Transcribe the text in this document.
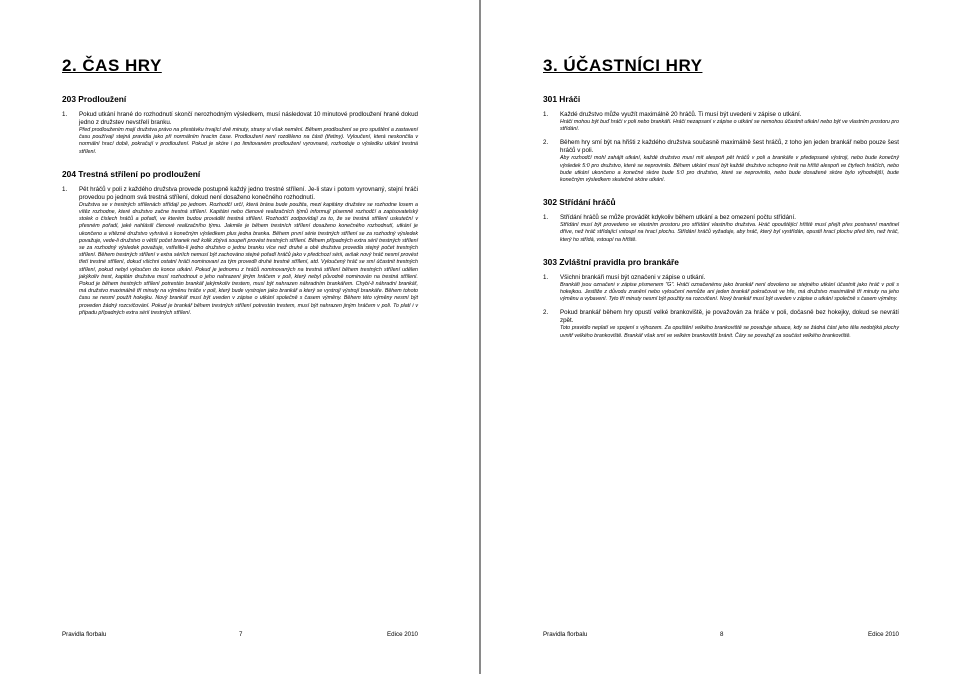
2. ČAS HRY
203 Prodloužení
1. Pokud utkání hrané do rozhodnutí skončí nerozhodným výsledkem, musí následovat 10 minutové prodloužení hrané dokud jedno z družstev nevstřelí branku.

Před prodloužením mají družstva právo na přestávku trvající dvě minuty, strany si však nemění. Během prodloužení se pro spuštění a zastavení času používají stejná pravidla jako při normálním hracím čase. Prodloužení není rozděleno na části (třetiny). Vyloučení, která neskončila v normální hrací době, pokračují v prodloužení. Pokud je skóre i po limitovaném prodloužení vyrovnané, rozhoduje o výsledku utkání trestná střílení.

204 Trestná střílení po prodloužení
1. Pět hráčů v poli z každého družstva provede postupně každý jedno trestné střílení. Je-li stav i potom vyrovnaný, stejní hráči provedou po jednom svá trestná střílení, dokud není dosaženo konečného rozhodnutí.

Družstva se v trestných střílenách střídají po jednom. Rozhodčí určí, která brána bude použita, mezi kapitány družstev se rozhodne losem a vítěz rozhodne, které družstvo začne trestná střílení. Kapitáni nebo členové realizačních týmů informují písemně rozhodčí a zapisovatelský stolek o číslech hráčů a pořadí, ve kterém budou provádět trestná střílení. Rozhodčí zodpovídají za to, že se trestná střílení uskuteční v přesném pořadí, jaké nahlásili členové realizačního týmu. Jakmile je během trestních střílení dosaženo konečného rozhodnutí, utkání je ukončeno a vítězné družstvo vyhrává s konečným výsledkem plus jedna branka. Během první série trestných střílení se za rozhodný výsledek považuje, vede-li družstvo o větší počet branek než kolik zbývá soupeři provést trestných střílení. Během případných extra sérií trestných střílení se za rozhodný výsledek považuje, vstřelilo-li jedno družstvo o jednu branku více než druhé a obě družstva provedla stejný počet trestných střílení. Během trestných střílení v extra sériích nemusí být zachováno stejné pořadí hráčů jako v předchozí sérii, avšak nový hráč nesmí provést třetí trestné střílení, dokud všichni ostatní hráči nominovaní za tým provedli druhé trestné střílení, atd. Vyloučený hráč se smí účastnit trestných střílení, pokud nebyl vyloučen do konce utkání. Pokud je jednomu z hráčů nominovaných na trestná střílení během trestných střílení udělen jakýkoliv trest, kapitán družstva musí rozhodnout o jeho nahrazení jiným hráčem v poli, který nebyl původně nominován na trestná střílení. Pokud je během trestných střílení potrestán brankář jakýmkoliv trestem, musí být nahrazen náhradním brankářem. Chybí-li náhradní brankář, má družstvo maximálně tři minuty na výměnu hráče v poli, který bude vystrojen jako brankář a který se vystrojí výstrojí brankáře. Během tohoto času se nesmí použít hokejku. Nový brankář musí být uveden v zápise o utkání společně s časem výměny. Během této výměny nesmí být proveden žádný rozcvičování. Pokud je brankář během trestných střílení potrestán trestem, musí být nahrazen jiným hráčem v poli. To platí i v případu případných extra sérií trestných střílení.

Pravidla florbalu	7	Edice 2010
3. ÚČASTNÍCI HRY
301 Hráči
1. Každé družstvo může využít maximálně 20 hráčů. Ti musí být uvedeni v zápise o utkání.

Hráči mohou být buď hráči v poli nebo brankáři. Hráči nezapsaní v zápise o utkání se nemohou účastnit utkání nebo být ve vlastním prostoru pro střídání.

2. Během hry smí být na hřišti z každého družstva současně maximálně šest hráčů, z toho jen jeden brankář nebo pouze šest hráčů v poli.

Aby rozhodčí mohl zahájit utkání, každé družstvo musí mít alespoň pět hráčů v poli a brankáře v předepsané výstroji, nebo bude konečný výsledek 5:0 pro družstvo, které se neprovinilo. Během utkání musí být každé družstvo schopno hrát na hřišti alespoň ve čtyřech hráčích, nebo bude utkání ukončeno a konečné skóre bude 5:0 pro družstvo, které se neprovinilo, nebo bude dosažené skóre bylo výhodnější, bude konečným výsledkem skutečné skóre utkání.

302 Střídání hráčů
1. Střídání hráčů se může provádět kdykoliv během utkání a bez omezení počtu střídání.

Střídání musí být provedeno ve vlastním prostoru pro střídání vlastního družstva. Hráč opouštějící hřiště musí přejít přes postranní mantinel dříve, než hráč střídající vstoupí na hrací plochu. Střídání hráčů vyžaduje, aby hráč, který byl vystřídán, opustil hrací plochu před tím, než hráč, který ho střídá, vstoupí na hřiště.

303 Zvláštní pravidla pro brankáře
1. Všichni brankáři musí být označeni v zápise o utkání.

Brankáři jsou označeni v zápise písmenem "G". Hráči označenému jako brankář není dovoleno se stejného utkání účastnit jako hráč v poli s hokejkou. Jestliže z důvodu zranění nebo vyloučení nemůže ani jeden brankář pokračovat ve hře, má družstvo maximálně tři minuty na jeho výměnu a vybavení. Tyto tři minuty nesmí být použity na rozcvičení. Nový brankář musí být uveden v zápise o utkání společně s časem výměny.

2. Pokud brankář během hry opustí velké brankoviště, je považován za hráče v poli, dočasně bez hokejky, dokud se nevrátí zpět.

Toto pravidlo neplatí ve spojení s výhozem. Za opuštění velkého brankoviště se považuje situace, kdy se žádná část jeho těla nedotýká plochy uvnitř velkého brankoviště. Brankář však smí ve velkém brankovišti bránit. Čáry se považují za součást velkého brankoviště.

Pravidla florbalu	8	Edice 2010
